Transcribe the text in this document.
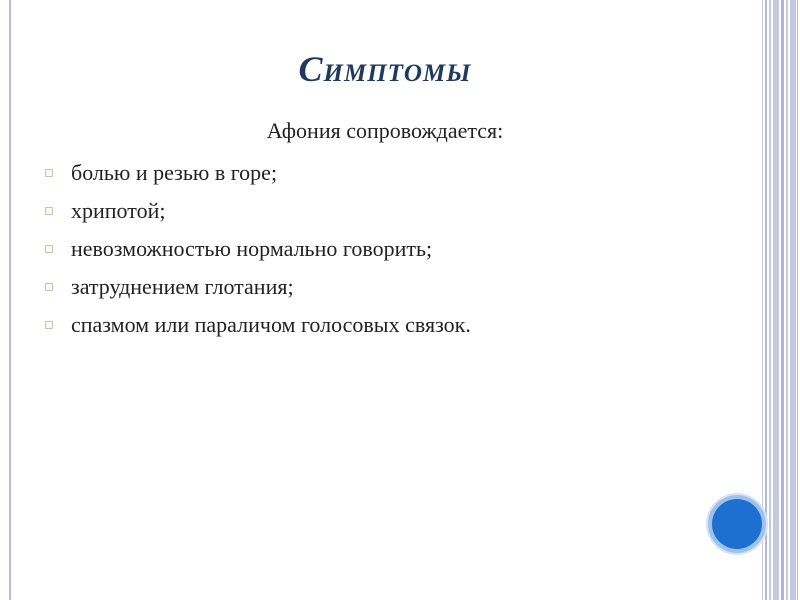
Симптомы

Афония сопровождается:

болью и резью в горе;
хрипотой;
невозможностью нормально говорить;
затруднением глотания;
спазмом или параличом голосовых связок.
